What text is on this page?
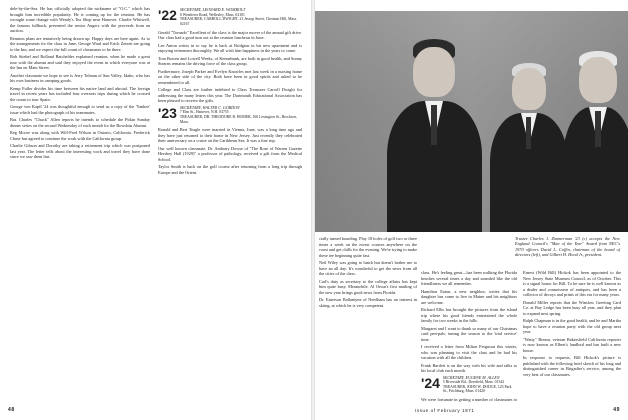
dele-by-the-Sea. He has officially adopted the nickname of "O.C." which has brought him incredible popularity. He is coming up for the reunion. He has wrought some change with Wendy's Tea Shop near Hanover. Charlie Whitwell, the famous fullback, presented the senior Augers with the proceeds from an auction.

Reunion plans are tentatively being drawn up: Happy days are here again. As to the arrangements for the class in June, George Ward and Erich Zetzen are going to the Inn, and we expect the full count of classmates to be there.

Bob Stiebel and Rolland Batchelder explained reunion, when he made a great tour with the alumni and said they enjoyed the event in which everyone was at the Inn on Main Street.

Another classmate we hope to see is Jerry Tolman of Sun Valley, Idaho, who has his own business in camping goods.

Kemp Fuller divides his time between his native land and abroad. The foreign travel in recent years has included four overseas trips during which he crossed the ocean to tour Spain.

George von Kapff '24 was thoughtful enough to send us a copy of the 'Yankee' issue which had the photograph of his teammates.

Bat. Charles "Chuck" Allen reports he intends to schedule the Pitkin Sunday dinner series on the second Wednesday of each month for the Bowdoin Alumni.

Reg Moore was along with Will-Fred Wilson in Ontario, California. Frederick Chase has agreed to continue the work with the California group.

Charlie Gibson and Dorothy are taking a retirement trip which was postponed last year. The letter tells about the interesting work and travel they have done since we saw them last.

'22 SECRETARY, LEONARD E. WOMBOLT
6 Wendover Road, Wellesley, Mass. 02181
TREASURER, CARROLL DWIGHT, 21 Jessop Street, Chestnut Hill, Mass. 02167

Gerald "Tornado" Excellent of the class is the major mover of the annual gift drive. Our class had a good turn out at the reunion luncheon in June.

Lee Anton writes in to say he is back at Bridgton in his new apartment and is enjoying retirement thoroughly. We all wish him happiness in the years to come.

Tom Bowen and Lowell Weeks, of Kennebunk, are both in good health, and Sonny Stearns remains the driving force of the class group.

Furthermore, Joseph Parker and Evelyn Knowles met last week in a nursing home on the other side of the city. Both have been in good spirits and asked to be remembered to all.

College and Class are further indebted to Class Treasurer Carroll Dwight for addressing the many letters this year. The Dartmouth Educational Association has been pleased to receive the gifts.

'23 SECRETARY, WALTER C. GORDON
7 Elm St., Hanover, N.H. 03755
TREASURER, DR. THEODORE R. HOMER, 160 Lexington St., Brockton, Mass.

Ronald and Bert Teagle were married in Vienna, June, was a long time ago and they have just returned to their home in New Jersey. Just recently they celebrated their anniversary on a cruise on the Caribbean Sea. It was a fine trip.

Our well known classmate, Dr. Anthony Dowse of "The Rose of Warren Gazette Hershey Hall (1929)" a professor of pathology, received a gift from the Medical School.

Taylor Smith is back on the golf course after returning from a long trip through Europe and the Orient.

48

cially turned boarding. Play 18 holes of golf two or three times a week on the nicest courses anywhere on the coast and get chills for the evening. We're trying to make these tee beginning quite fast.

Neil Wiley was going to lunch but doesn't bother me to have an all day. It's wonderful to get the news from all the cities of the class.

Carl's duty as secretary to the college affairs has kept him quite busy. Meanwhile, Al Orton's first mailing of the new year brings good news from Florida.

Dr. Emerson Ballantyne of Needham has an interest in skiing, at which he is very competent.

Trustee Charles J. Zimmerman '23 (c) accepts the New England Council's "Man of the Year" Award from NEC's 1970 officers David L. Coffin, chairman of the board of directors (left), and Gilbert H. Hood Jr., president.

class. He's feeling great—has been walking the Florida beaches several times a day and sounded like the old friendliness we all remember.

Hamilton Eaton, a new neighbor, writes that his daughter has come to live in Maine and his neighbors are welcome.

Richard Ellis has brought the pictures from the island trip where his good friends entertained the whole family for two weeks in the hills.

Margaret and I want to thank so many of our Christmas card pen-pals, tuning the season to the 'trial service' time.

I received a letter from Milton Ferguson this winter, who was planning to visit the class and he had his vacation with all the children.

Frank Bartlett is on the way with his wife and talks to his local club each month.

'24 SECRETARY, EUGENE M. ALLEN
5 Riverside Rd., Deerfield, Mass. 01342
TREASURER, JOHN W. DODGE, 123 Park St., Fitchburg, Mass. 01420

We were fortunate in getting a number of classmates to

Ernest (Wild Bill) Hickok has been appointed to the New Jersey State Museum Council, as of October. This is a signal honor for Bill. To be sure he is well known as a dealer and connoisseur of antiques, and has been a collector of decoys and prints of this era for many years.

Donald Miller reports that the Winslow Greeting Card Co. at Bay Ledge has been busy all year, and they plan to expand next spring.

Ralph Chapman is in the good health, and he and Martha hope to have a reunion party with the old group next year.

"Watty" Bream, veteran Bakersfield California reporter is now known as Elbert's landlord and has built a new house.

In response to requests, Bill Hickok's picture is published with the following brief sketch of his long and distinguished career in Brigadier's service, among the very best of our classmates.

Issue of February 1971	49
